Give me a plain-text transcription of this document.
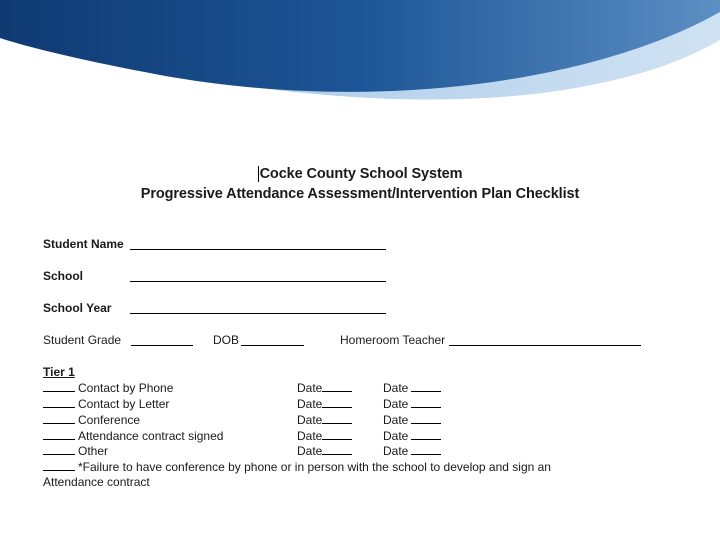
Cocke County School System
Progressive Attendance Assessment/Intervention Plan Checklist
Student Name
School
School Year
Student Grade	DOB	Homeroom Teacher
Tier 1
Contact by Phone	Date	Date
Contact by Letter	Date	Date
Conference	Date	Date
Attendance contract signed	Date	Date
Other	Date	Date
*Failure to have conference by phone or in person with the school to develop and sign an
Attendance contract
